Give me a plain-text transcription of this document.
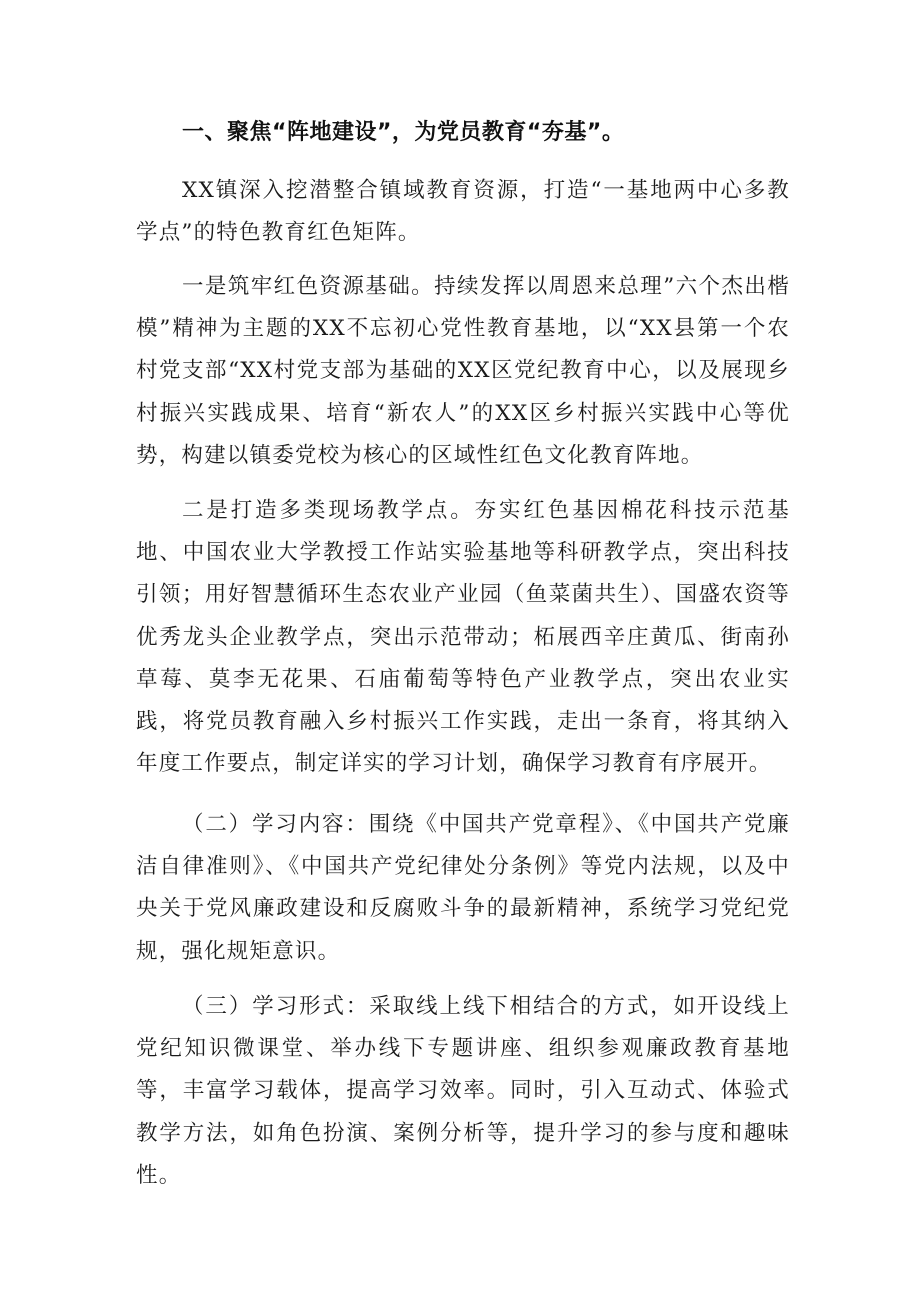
一、聚焦“阵地建设”，为党员教育“夯基”。

XX镇深入挖潜整合镇域教育资源，打造“一基地两中心多教学点”的特色教育红色矩阵。

一是筑牢红色资源基础。持续发挥以周恩来总理”六个杰出楷模”精神为主题的XX不忘初心党性教育基地，以“XX县第一个农村党支部“XX村党支部为基础的XX区党纪教育中心，以及展现乡村振兴实践成果、培育“新农人”的XX区乡村振兴实践中心等优势，构建以镇委党校为核心的区域性红色文化教育阵地。

二是打造多类现场教学点。夯实红色基因棉花科技示范基地、中国农业大学教授工作站实验基地等科研教学点，突出科技引领；用好智慧循环生态农业产业园（鱼菜菌共生）、国盛农资等优秀龙头企业教学点，突出示范带动；柘展西辛庄黄瓜、街南孙草莓、莫李无花果、石庙葡萄等特色产业教学点，突出农业实践，将党员教育融入乡村振兴工作实践，走出一条育，将其纳入年度工作要点，制定详实的学习计划，确保学习教育有序展开。

（二）学习内容：围绕《中国共产党章程》、《中国共产党廉洁自律准则》、《中国共产党纪律处分条例》等党内法规，以及中央关于党风廉政建设和反腐败斗争的最新精神，系统学习党纪党规，强化规矩意识。

（三）学习形式：采取线上线下相结合的方式，如开设线上党纪知识微课堂、举办线下专题讲座、组织参观廉政教育基地等，丰富学习载体，提高学习效率。同时，引入互动式、体验式教学方法，如角色扮演、案例分析等，提升学习的参与度和趣味性。
